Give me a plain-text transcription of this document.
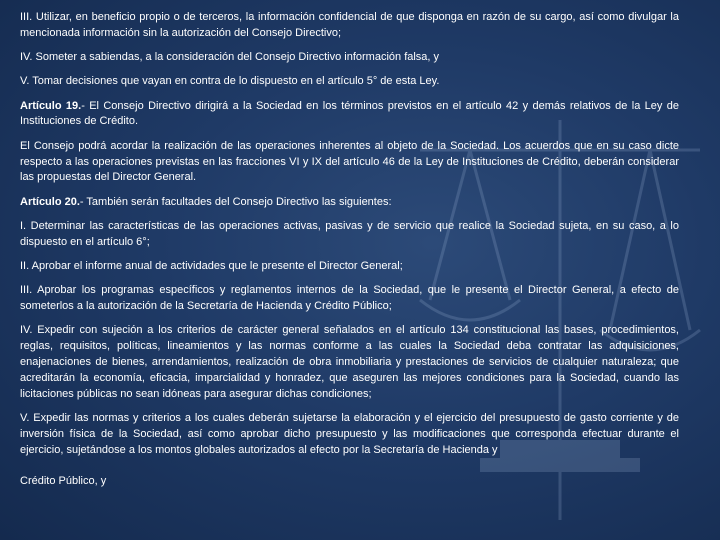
III. Utilizar, en beneficio propio o de terceros, la información confidencial de que disponga en razón de su cargo, así como divulgar la mencionada información sin la autorización del Consejo Directivo;

IV. Someter a sabiendas, a la consideración del Consejo Directivo información falsa, y

V. Tomar decisiones que vayan en contra de lo dispuesto en el artículo 5° de esta Ley.

Artículo 19.- El Consejo Directivo dirigirá a la Sociedad en los términos previstos en el artículo 42 y demás relativos de la Ley de Instituciones de Crédito.

El Consejo podrá acordar la realización de las operaciones inherentes al objeto de la Sociedad. Los acuerdos que en su caso dicte respecto a las operaciones previstas en las fracciones VI y IX del artículo 46 de la Ley de Instituciones de Crédito, deberán considerar las propuestas del Director General.

Artículo 20.- También serán facultades del Consejo Directivo las siguientes:

I. Determinar las características de las operaciones activas, pasivas y de servicio que realice la Sociedad sujeta, en su caso, a lo dispuesto en el artículo 6°;

II. Aprobar el informe anual de actividades que le presente el Director General;

III. Aprobar los programas específicos y reglamentos internos de la Sociedad, que le presente el Director General, a efecto de someterlos a la autorización de la Secretaría de Hacienda y Crédito Público;

IV. Expedir con sujeción a los criterios de carácter general señalados en el artículo 134 constitucional las bases, procedimientos, reglas, requisitos, políticas, lineamientos y las normas conforme a las cuales la Sociedad deba contratar las adquisiciones, enajenaciones de bienes, arrendamientos, realización de obra inmobiliaria y prestaciones de servicios de cualquier naturaleza; que acreditarán la economía, eficacia, imparcialidad y honradez, que aseguren las mejores condiciones para la Sociedad, cuando las licitaciones públicas no sean idóneas para asegurar dichas condiciones;

V. Expedir las normas y criterios a los cuales deberán sujetarse la elaboración y el ejercicio del presupuesto de gasto corriente y de inversión física de la Sociedad, así como aprobar dicho presupuesto y las modificaciones que corresponda efectuar durante el ejercicio, sujetándose a los montos globales autorizados al efecto por la Secretaría de Hacienda y

Crédito Público, y
